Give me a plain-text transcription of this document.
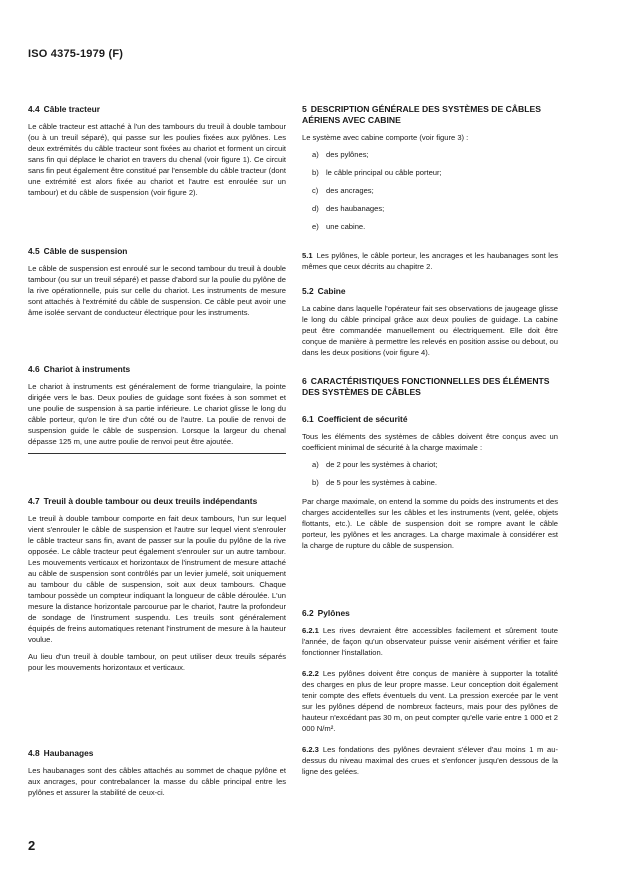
ISO 4375-1979 (F)
4.4 Câble tracteur

Le câble tracteur est attaché à l'un des tambours du treuil à double tambour (ou à un treuil séparé), qui passe sur les poulies fixées aux pylônes. Les deux extrémités du câble tracteur sont fixées au chariot et forment un circuit sans fin qui déplace le chariot en travers du chenal (voir figure 1). Ce circuit sans fin peut également être constitué par l'ensemble du câble tracteur (dont une extrémité est alors fixée au chariot et l'autre est enroulée sur un tambour) et du câble de suspension (voir figure 2).

4.5 Câble de suspension

Le câble de suspension est enroulé sur le second tambour du treuil à double tambour (ou sur un treuil séparé) et passe d'abord sur la poulie du pylône de la rive opérationnelle, puis sur celle du chariot. Les instruments de mesure sont attachés à l'extrémité du câble de suspension. Ce câble peut avoir une âme isolée servant de conducteur électrique pour les instruments.

4.6 Chariot à instruments

Le chariot à instruments est généralement de forme triangulaire, la pointe dirigée vers le bas. Deux poulies de guidage sont fixées à son sommet et une poulie de suspension à sa partie inférieure. Le chariot glisse le long du câble porteur, qu'on le tire d'un côté ou de l'autre. La poulie de renvoi de suspension guide le câble de suspension. Lorsque la largeur du chenal dépasse 125 m, une autre poulie de renvoi peut être ajoutée.

4.7 Treuil à double tambour ou deux treuils indépendants

Le treuil à double tambour comporte en fait deux tambours, l'un sur lequel vient s'enrouler le câble de suspension et l'autre sur lequel vient s'enrouler le câble tracteur sans fin, avant de passer sur la poulie du pylône de la rive opposée. Le câble tracteur peut également s'enrouler sur un autre tambour. Les mouvements verticaux et horizontaux de l'instrument de mesure attaché au câble de suspension sont contrôlés par un levier jumelé, soit uniquement au tambour du câble de suspension, soit aux deux tambours. Chaque tambour possède un compteur indiquant la longueur de câble déroulée. L'un mesure la distance horizontale parcourue par le chariot, l'autre la profondeur de sondage de l'instrument suspendu. Les treuils sont généralement équipés de freins automatiques retenant l'instrument de mesure à la hauteur voulue.

Au lieu d'un treuil à double tambour, on peut utiliser deux treuils séparés pour les mouvements horizontaux et verticaux.

4.8 Haubanages

Les haubanages sont des câbles attachés au sommet de chaque pylône et aux ancrages, pour contrebalancer la masse du câble principal entre les pylônes et assurer la stabilité de ceux-ci.

5 DESCRIPTION GÉNÉRALE DES SYSTÈMES DE CÂBLES AÉRIENS AVEC CABINE

Le système avec cabine comporte (voir figure 3) :

a) des pylônes;
b) le câble principal ou câble porteur;
c)	des ancrages;
d) des haubanages;
e) une cabine.

5.1 Les pylônes, le câble porteur, les ancrages et les haubanages sont les mêmes que ceux décrits au chapitre 2.

5.2 Cabine

La cabine dans laquelle l'opérateur fait ses observations de jaugeage glisse le long du câble principal grâce aux deux poulies de guidage. La cabine peut être commandée manuellement ou électriquement. Elle doit être conçue de manière à permettre les relevés en position assise ou debout, ou dans les deux positions (voir figure 4).

6 CARACTÉRISTIQUES FONCTIONNELLES DES ÉLÉMENTS DES SYSTÈMES DE CÂBLES
6.1 Coefficient de sécurité

Tous les éléments des systèmes de câbles doivent être conçus avec un coefficient minimal de sécurité à la charge maximale :

a) de 2 pour les systèmes à chariot;
b) de 5 pour les systèmes à cabine.

Par charge maximale, on entend la somme du poids des instruments et des charges accidentelles sur les câbles et les instruments (vent, gelée, objets flottants, etc.). Le câble de suspension doit se rompre avant le câble porteur, les pylônes et les ancrages. La charge maximale à considérer est la charge de rupture du câble de suspension.

6.2 Pylônes

6.2.1 Les rives devraient être accessibles facilement et sûrement toute l'année, de façon qu'un observateur puisse venir aisément vérifier et faire fonctionner l'installation.

6.2.2 Les pylônes doivent être conçus de manière à supporter la totalité des charges en plus de leur propre masse. Leur conception doit également tenir compte des effets éventuels du vent. La pression exercée par le vent sur les pylônes dépend de nombreux facteurs, mais pour des pylônes de hauteur n'excédant pas 30 m, on peut compter qu'elle varie entre 1 000 et 2 000 N/m².

6.2.3 Les fondations des pylônes devraient s'élever d'au moins 1 m au-dessus du niveau maximal des crues et s'enfoncer jusqu'en dessous de la ligne des gelées.

2
